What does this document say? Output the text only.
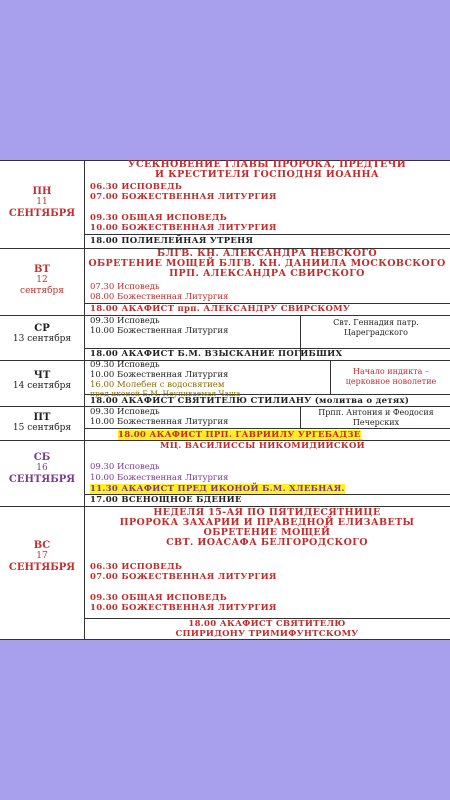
ПН
11
СЕНТЯБРЯ
УСЕКНОВЕНИЕ ГЛАВЫ ПРОРОКА, ПРЕДТЕЧИ
И КРЕСТИТЕЛЯ ГОСПОДНЯ ИОАННА
06.30 ИСПОВЕДЬ
07.00 БОЖЕСТВЕННАЯ ЛИТУРГИЯ
09.30 ОБЩАЯ ИСПОВЕДЬ
10.00 БОЖЕСТВЕННАЯ ЛИТУРГИЯ
18.00 ПОЛИЕЛЕЙНАЯ УТРЕНЯ
ВТ
12
сентября
БЛГВ. КН. АЛЕКСАНДРА НЕВСКОГО
ОБРЕТЕНИЕ МОЩЕЙ БЛГВ. КН. ДАНИИЛА МОСКОВСКОГО
ПРП. АЛЕКСАНДРА СВИРСКОГО
07.30 Исповедь
08.00 Божественная Литургия
18.00 АКАФИСТ прп. АЛЕКСАНДРУ СВИРСКОМУ
СР
13 сентября
09.30 Исповедь
10.00 Божественная Литургия
18.00 АКАФИСТ Б.М. ВЗЫСКАНИЕ ПОГИБШИХ
Свт. Геннадия патр.
Цареградского
ЧТ
14 сентября
09.30 Исповедь
10.00 Божественная Литургия
16.00 Молебен с водосвятием
пред иконой Б.М. Неупиваемая Чаша
18.00 АКАФИСТ СВЯТИТЕЛЮ СТИЛИАНУ (молитва о детях)
Начало индикта –
церковное новолетие
ПТ
15 сентября
09.30 Исповедь
10.00 Божественная Литургия
18.00 АКАФИСТ ПРП. ГАВРИИЛУ УРГЕБАДЗЕ
МЦ. ВАСИЛИССЫ НИКОМИДИЙСКОЙ
Прпп. Антония и Феодосия
Печерских
СБ
16
СЕНТЯБРЯ
09.30 Исповедь
10.00 Божественная Литургия
11.30 АКАФИСТ ПРЕД ИКОНОЙ Б.М. ХЛЕБНАЯ.
17.00 ВСЕНОЩНОЕ БДЕНИЕ
ВС
17
СЕНТЯБРЯ
НЕДЕЛЯ 15-АЯ ПО ПЯТИДЕСЯТНИЦЕ
ПРОРОКА ЗАХАРИИ И ПРАВЕДНОЙ ЕЛИЗАВЕТЫ
ОБРЕТЕНИЕ МОЩЕЙ
СВТ. ИОАСАФА БЕЛГОРОДСКОГО
06.30 ИСПОВЕДЬ
07.00 БОЖЕСТВЕННАЯ ЛИТУРГИЯ
09.30 ОБЩАЯ ИСПОВЕДЬ
10.00 БОЖЕСТВЕННАЯ ЛИТУРГИЯ
18.00 АКАФИСТ СВЯТИТЕЛЮ
СПИРИДОНУ ТРИМИФУНТСКОМУ
